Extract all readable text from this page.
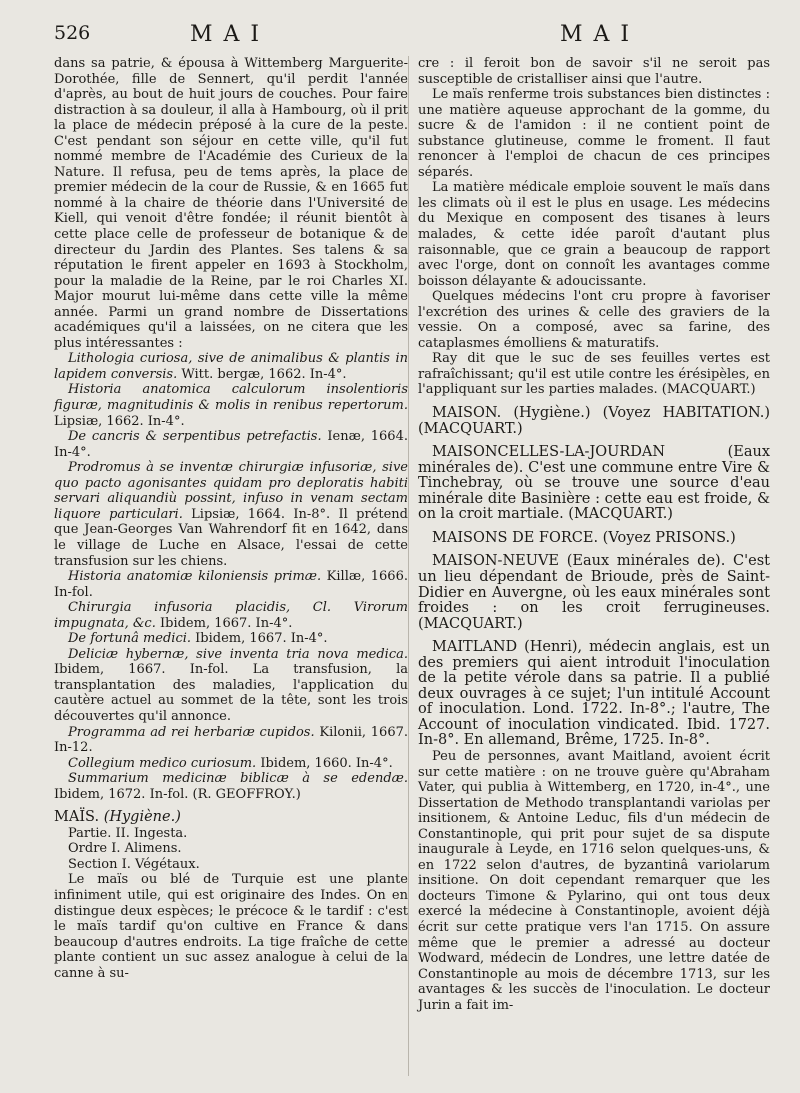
526	MAI	MAI

dans sa patrie, & épousa à Wittemberg Marguerite-Dorothée, fille de Sennert, qu'il perdit l'année d'après, au bout de huit jours de couches. Pour faire distraction à sa douleur, il alla à Hambourg, où il prit la place de médecin préposé à la cure de la peste. C'est pendant son séjour en cette ville, qu'il fut nommé membre de l'Académie des Curieux de la Nature. Il refusa, peu de tems après, la place de premier médecin de la cour de Russie, & en 1665 fut nommé à la chaire de théorie dans l'Université de Kiell, qui venoit d'être fondée; il réunit bientôt à cette place celle de professeur de botanique & de directeur du Jardin des Plantes. Ses talens & sa réputation le firent appeler en 1693 à Stockholm, pour la maladie de la Reine, par le roi Charles XI. Major mourut lui-même dans cette ville la même année. Parmi un grand nombre de Dissertations académiques qu'il a laissées, on ne citera que les plus intéressantes :

Lithologia curiosa, sive de animalibus & plantis in lapidem conversis. Witt. bergæ, 1662. In-4°.

Historia anatomica calculorum insolentioris figuræ, magnitudinis & molis in renibus repertorum. Lipsiæ, 1662. In-4°.

De cancris & serpentibus petrefactis. Ienæ, 1664. In-4°.

Prodromus à se inventæ chirurgiæ infusoriæ, sive quo pacto agonisantes quidam pro deploratis habiti servari aliquandiù possint, infuso in venam sectam liquore particulari. Lipsiæ, 1664. In-8°. Il prétend que Jean-Georges Van Wahrendorf fit en 1642, dans le village de Luche en Alsace, l'essai de cette transfusion sur les chiens.

Historia anatomiæ kiloniensis primæ. Killæ, 1666. In-fol.

Chirurgia infusoria placidis, Cl. Virorum impugnata, &c. Ibidem, 1667. In-4°.

De fortunâ medici. Ibidem, 1667. In-4°.

Deliciæ hybernæ, sive inventa tria nova medica. Ibidem, 1667. In-fol. La transfusion, la transplantation des maladies, l'application du cautère actuel au sommet de la tête, sont les trois découvertes qu'il annonce.

Programma ad rei herbariæ cupidos. Kilonii, 1667. In-12.

Collegium medico curiosum. Ibidem, 1660. In-4°.

Summarium medicinæ biblicæ à se edendæ. Ibidem, 1672. In-fol. (R. GEOFFROY.)

MAÏS. (Hygiène.)

Partie. II. Ingesta.

Ordre I. Alimens.

Section I. Végétaux.

Le maïs ou blé de Turquie est une plante infiniment utile, qui est originaire des Indes. On en distingue deux espèces; le précoce & le tardif : c'est le maïs tardif qu'on cultive en France & dans beaucoup d'autres endroits. La tige fraîche de cette plante contient un suc assez analogue à celui de la canne à su-

cre : il feroit bon de savoir s'il ne seroit pas susceptible de cristalliser ainsi que l'autre.

Le maïs renferme trois substances bien distinctes : une matière aqueuse approchant de la gomme, du sucre & de l'amidon : il ne contient point de substance glutineuse, comme le froment. Il faut renoncer à l'emploi de chacun de ces principes séparés.

La matière médicale emploie souvent le maïs dans les climats où il est le plus en usage. Les médecins du Mexique en composent des tisanes à leurs malades, & cette idée paroît d'autant plus raisonnable, que ce grain a beaucoup de rapport avec l'orge, dont on connoît les avantages comme boisson délayante & adoucissante.

Quelques médecins l'ont cru propre à favoriser l'excrétion des urines & celle des graviers de la vessie. On a composé, avec sa farine, des cataplasmes émolliens & maturatifs.

Ray dit que le suc de ses feuilles vertes est rafraîchissant; qu'il est utile contre les érésipèles, en l'appliquant sur les parties malades. (MACQUART.)

MAISON. (Hygiène.) (Voyez HABITATION.) (MACQUART.)

MAISONCELLES-LA-JOURDAN (Eaux minérales de). C'est une commune entre Vire & Tinchebray, où se trouve une source d'eau minérale dite Basinière : cette eau est froide, & on la croit martiale. (MACQUART.)

MAISONS DE FORCE. (Voyez PRISONS.)

MAISON-NEUVE (Eaux minérales de). C'est un lieu dépendant de Brioude, près de Saint-Didier en Auvergne, où les eaux minérales sont froides : on les croit ferrugineuses. (MACQUART.)

MAITLAND (Henri), médecin anglais, est un des premiers qui aient introduit l'inoculation de la petite vérole dans sa patrie. Il a publié deux ouvrages à ce sujet; l'un intitulé Account of inoculation. Lond. 1722. In-8°.; l'autre, The Account of inoculation vindicated. Ibid. 1727. In-8°. En allemand, Brême, 1725. In-8°.

Peu de personnes, avant Maitland, avoient écrit sur cette matière : on ne trouve guère qu'Abraham Vater, qui publia à Wittemberg, en 1720, in-4°., une Dissertation de Methodo transplantandi variolas per insitionem, & Antoine Leduc, fils d'un médecin de Constantinople, qui prit pour sujet de sa dispute inaugurale à Leyde, en 1716 selon quelques-uns, & en 1722 selon d'autres, de byzantinâ variolarum insitione. On doit cependant remarquer que les docteurs Timone & Pylarino, qui ont tous deux exercé la médecine à Constantinople, avoient déjà écrit sur cette pratique vers l'an 1715. On assure même que le premier a adressé au docteur Wodward, médecin de Londres, une lettre datée de Constantinople au mois de décembre 1713, sur les avantages & les succès de l'inoculation. Le docteur Jurin a fait im-
